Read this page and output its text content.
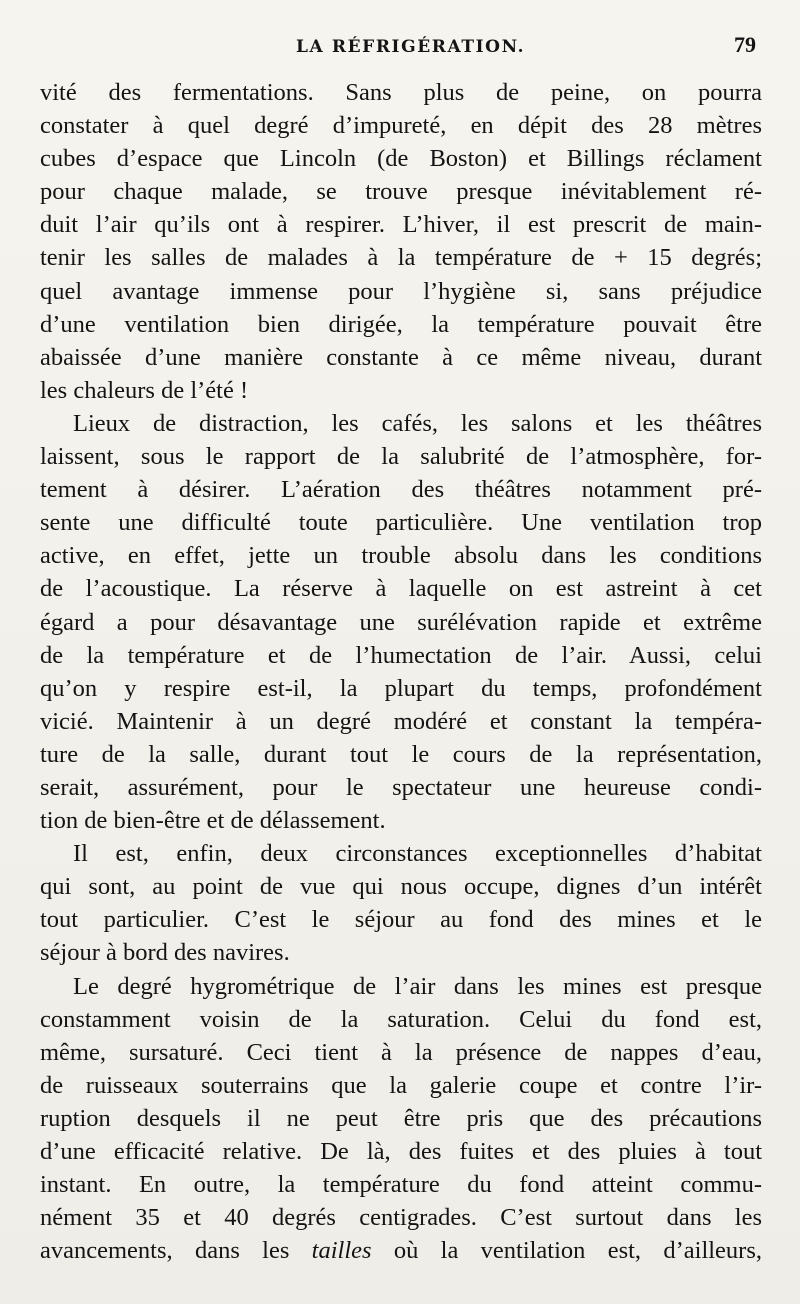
LA RÉFRIGÉRATION.	79

vité des fermentations. Sans plus de peine, on pourra
constater à quel degré d’impureté, en dépit des 28 mètres
cubes d’espace que Lincoln (de Boston) et Billings réclament
pour chaque malade, se trouve presque inévitablement ré-
duit l’air qu’ils ont à respirer. L’hiver, il est prescrit de main-
tenir les salles de malades à la température de + 15 degrés;
quel avantage immense pour l’hygiène si, sans préjudice
d’une ventilation bien dirigée, la température pouvait être
abaissée d’une manière constante à ce même niveau, durant
les chaleurs de l’été !

Lieux de distraction, les cafés, les salons et les théâtres
laissent, sous le rapport de la salubrité de l’atmosphère, for-
tement à désirer. L’aération des théâtres notamment pré-
sente une difficulté toute particulière. Une ventilation trop
active, en effet, jette un trouble absolu dans les conditions
de l’acoustique. La réserve à laquelle on est astreint à cet
égard a pour désavantage une surélévation rapide et extrême
de la température et de l’humectation de l’air. Aussi, celui
qu’on y respire est-il, la plupart du temps, profondément
vicié. Maintenir à un degré modéré et constant la tempéra-
ture de la salle, durant tout le cours de la représentation,
serait, assurément, pour le spectateur une heureuse condi-
tion de bien-être et de délassement.

Il est, enfin, deux circonstances exceptionnelles d’habitat
qui sont, au point de vue qui nous occupe, dignes d’un intérêt
tout particulier. C’est le séjour au fond des mines et le
séjour à bord des navires.

Le degré hygrométrique de l’air dans les mines est presque
constamment voisin de la saturation. Celui du fond est,
même, sursaturé. Ceci tient à la présence de nappes d’eau,
de ruisseaux souterrains que la galerie coupe et contre l’ir-
ruption desquels il ne peut être pris que des précautions
d’une efficacité relative. De là, des fuites et des pluies à tout
instant. En outre, la température du fond atteint commu-
nément 35 et 40 degrés centigrades. C’est surtout dans les
avancements, dans les tailles où la ventilation est, d’ailleurs,
